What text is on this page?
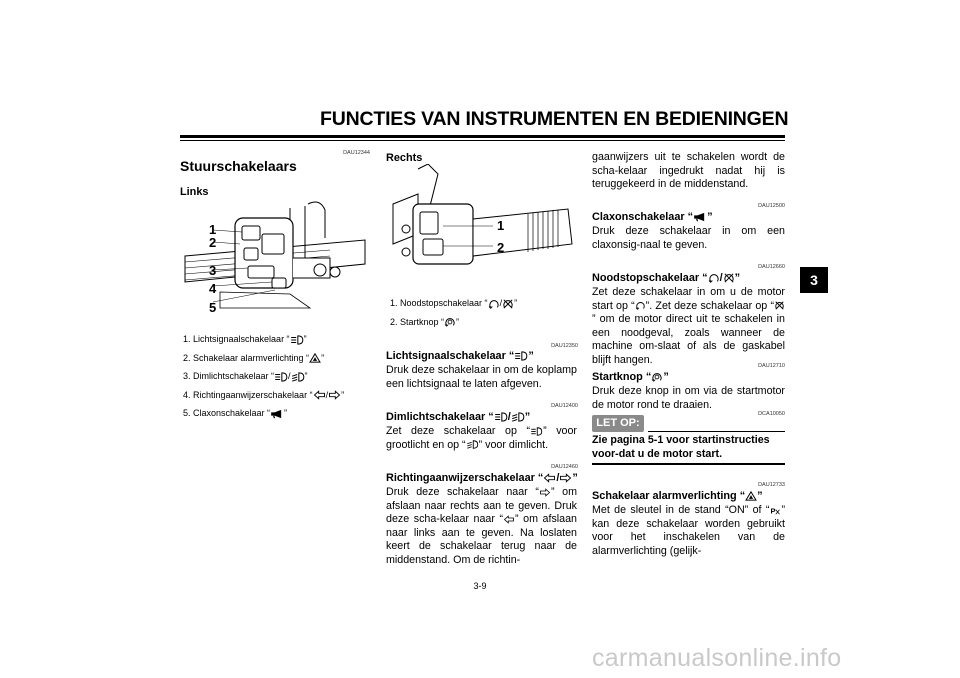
FUNCTIES VAN INSTRUMENTEN EN BEDIENINGEN
3
DAU12344
Stuurschakelaars
Links
1
2
3
4
5
1. Lichtsignaalschakelaar “ ”
2. Schakelaar alarmverlichting “ ”
3. Dimlichtschakelaar “ / ”
4. Richtingaanwijzerschakelaar “ / ”
5. Claxonschakelaar “ ”
Rechts
1
2
1. Noodstopschakelaar “ / ”
2. Startknop “ ”
DAU12350
Lichtsignaalschakelaar “ ”
Druk deze schakelaar in om de koplamp een lichtsignaal te laten afgeven.
DAU12400
Dimlichtschakelaar “ / ”
Zet deze schakelaar op “ ” voor grootlicht en op “ ” voor dimlicht.
DAU12460
Richtingaanwijzerschakelaar “ / ”
Druk deze schakelaar naar “ ” om afslaan naar rechts aan te geven. Druk deze scha-kelaar naar “ ” om afslaan naar links aan te geven. Na loslaten keert de schakelaar terug naar de middenstand. Om de richtin-
gaanwijzers uit te schakelen wordt de scha-kelaar ingedrukt nadat hij is teruggekeerd in de middenstand.
DAU12500
Claxonschakelaar “ ”
Druk deze schakelaar in om een claxonsig-naal te geven.
DAU12660
Noodstopschakelaar “ / ”
Zet deze schakelaar in om u de motor start op “ ”. Zet deze schakelaar op “
” om de motor direct uit te schakelen in een noodgeval, zoals wanneer de machine om-slaat of als de gaskabel blijft hangen.
DAU12710
Startknop “ ”
Druk deze knop in om via de startmotor de motor rond te draaien.
DCA10050
LET OP:
Zie pagina 5-1 voor startinstructies voor-dat u de motor start.
DAU12733
Schakelaar alarmverlichting “ ”
Met de sleutel in de stand “ON” of “ ” kan deze schakelaar worden gebruikt voor het inschakelen van de alarmverlichting (gelijk-
3-9
carmanualsonline.info
